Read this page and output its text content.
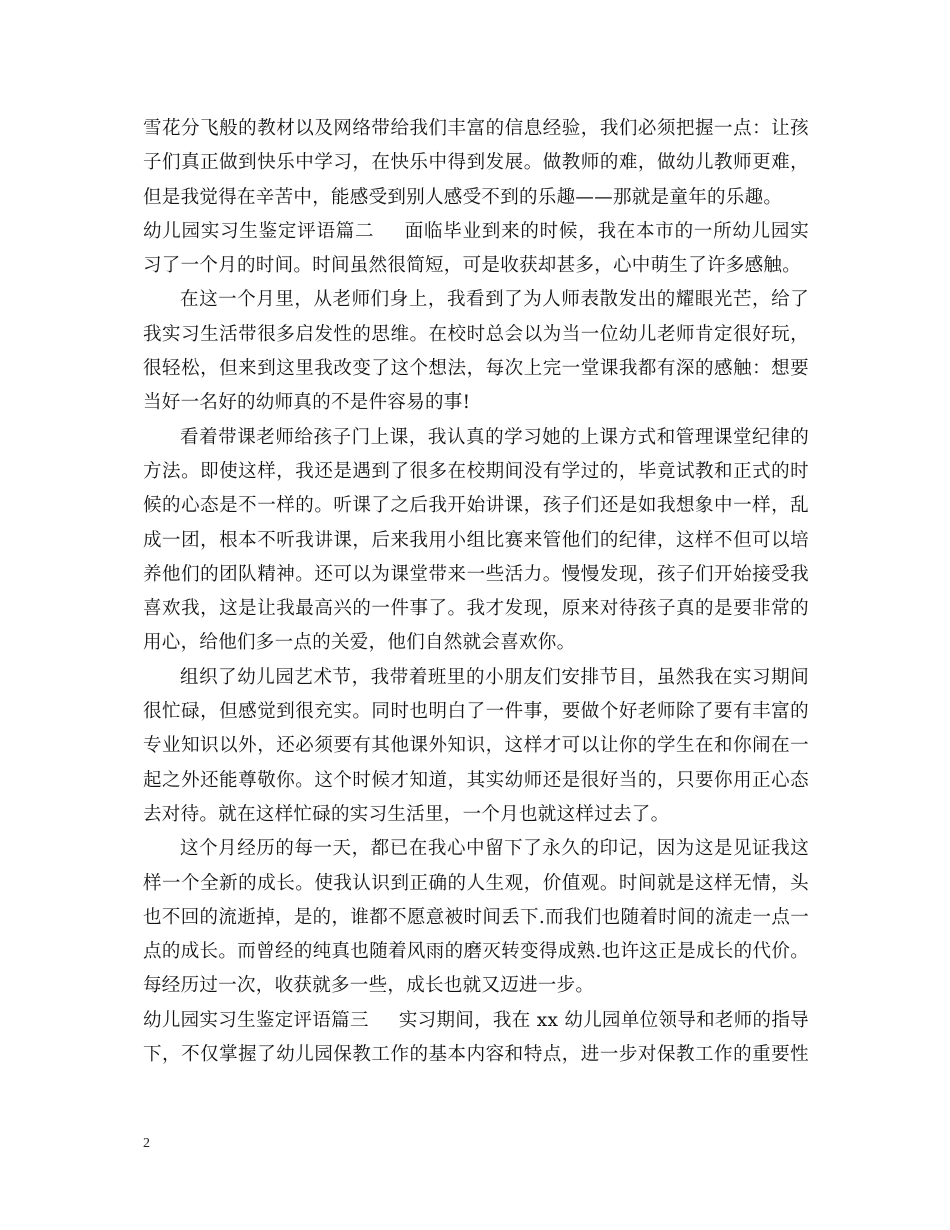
雪花分飞般的教材以及网络带给我们丰富的信息经验，我们必须把握一点：让孩
子们真正做到快乐中学习，在快乐中得到发展。做教师的难，做幼儿教师更难，
但是我觉得在辛苦中，能感受到别人感受不到的乐趣——那就是童年的乐趣。
幼儿园实习生鉴定评语篇二 面临毕业到来的时候，我在本市的一所幼儿园实
习了一个月的时间。时间虽然很简短，可是收获却甚多，心中萌生了许多感触。
在这一个月里，从老师们身上，我看到了为人师表散发出的耀眼光芒，给了
我实习生活带很多启发性的思维。在校时总会以为当一位幼儿老师肯定很好玩，
很轻松，但来到这里我改变了这个想法，每次上完一堂课我都有深的感触：想要
当好一名好的幼师真的不是件容易的事!
看着带课老师给孩子门上课，我认真的学习她的上课方式和管理课堂纪律的
方法。即使这样，我还是遇到了很多在校期间没有学过的，毕竟试教和正式的时
候的心态是不一样的。听课了之后我开始讲课，孩子们还是如我想象中一样，乱
成一团，根本不听我讲课，后来我用小组比赛来管他们的纪律，这样不但可以培
养他们的团队精神。还可以为课堂带来一些活力。慢慢发现，孩子们开始接受我
喜欢我，这是让我最高兴的一件事了。我才发现，原来对待孩子真的是要非常的
用心，给他们多一点的关爱，他们自然就会喜欢你。
组织了幼儿园艺术节，我带着班里的小朋友们安排节目，虽然我在实习期间
很忙碌，但感觉到很充实。同时也明白了一件事，要做个好老师除了要有丰富的
专业知识以外，还必须要有其他课外知识，这样才可以让你的学生在和你闹在一
起之外还能尊敬你。这个时候才知道，其实幼师还是很好当的，只要你用正心态
去对待。就在这样忙碌的实习生活里，一个月也就这样过去了。
这个月经历的每一天，都已在我心中留下了永久的印记，因为这是见证我这
样一个全新的成长。使我认识到正确的人生观，价值观。时间就是这样无情，头
也不回的流逝掉，是的，谁都不愿意被时间丢下.而我们也随着时间的流走一点一
点的成长。而曾经的纯真也随着风雨的磨灭转变得成熟.也许这正是成长的代价。
每经历过一次，收获就多一些，成长也就又迈进一步。
幼儿园实习生鉴定评语篇三 实习期间，我在 xx 幼儿园单位领导和老师的指导
下，不仅掌握了幼儿园保教工作的基本内容和特点，进一步对保教工作的重要性
2
